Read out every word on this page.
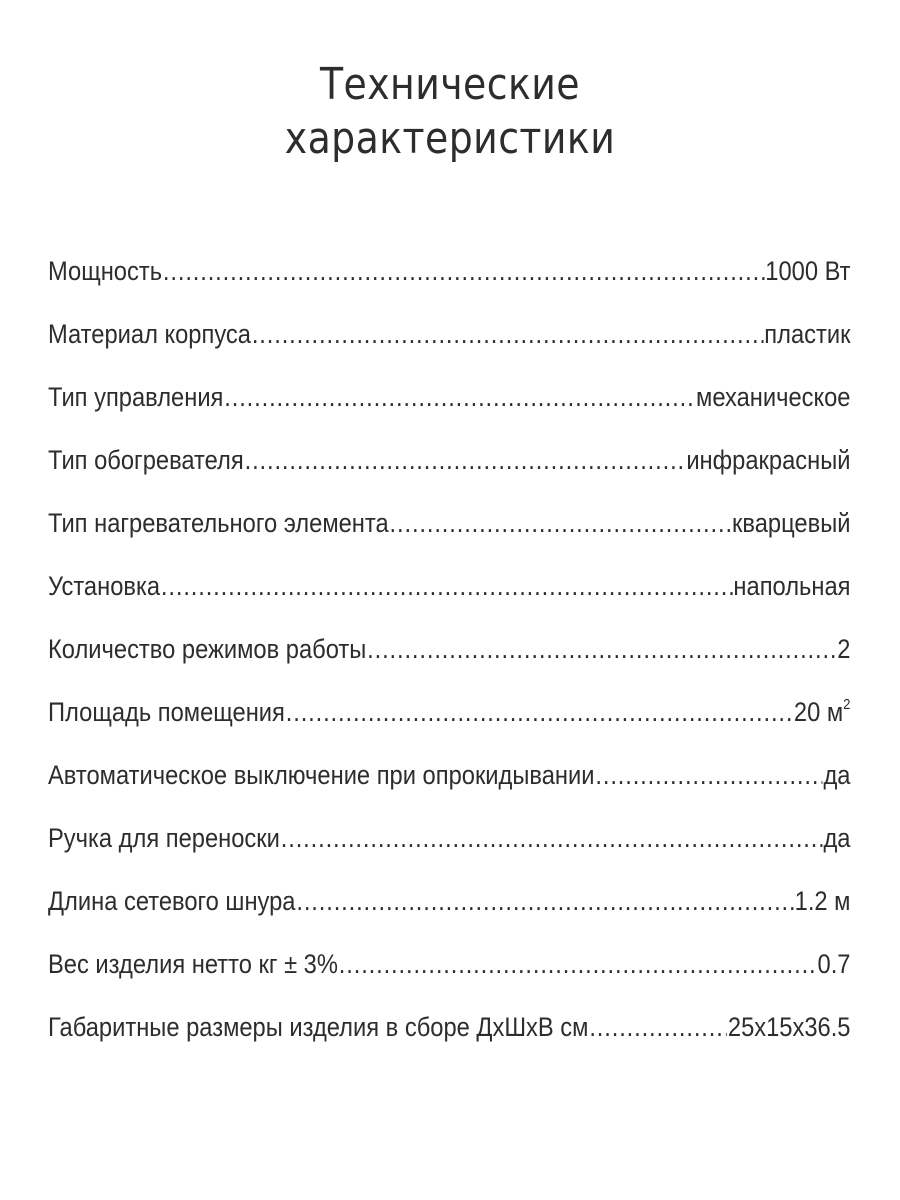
Технические
характеристики
Мощность .....	1000 Вт
Материал корпуса .....	пластик
Тип управления .....	механическое
Тип обогревателя .....	инфракрасный
Тип нагревательного элемента .....	кварцевый
Установка .....	напольная
Количество режимов работы .....	2
Площадь помещения .....	20 $м^2$
Автоматическое выключение при опрокидывании .....	да
Ручка для переноски .....	да
Длина сетевого шнура .....	1.2 м
Вес изделия нетто кг ± 3% .....	0.7
Габаритные размеры изделия в сборе ДхШхВ см .....	25х15х36.5
